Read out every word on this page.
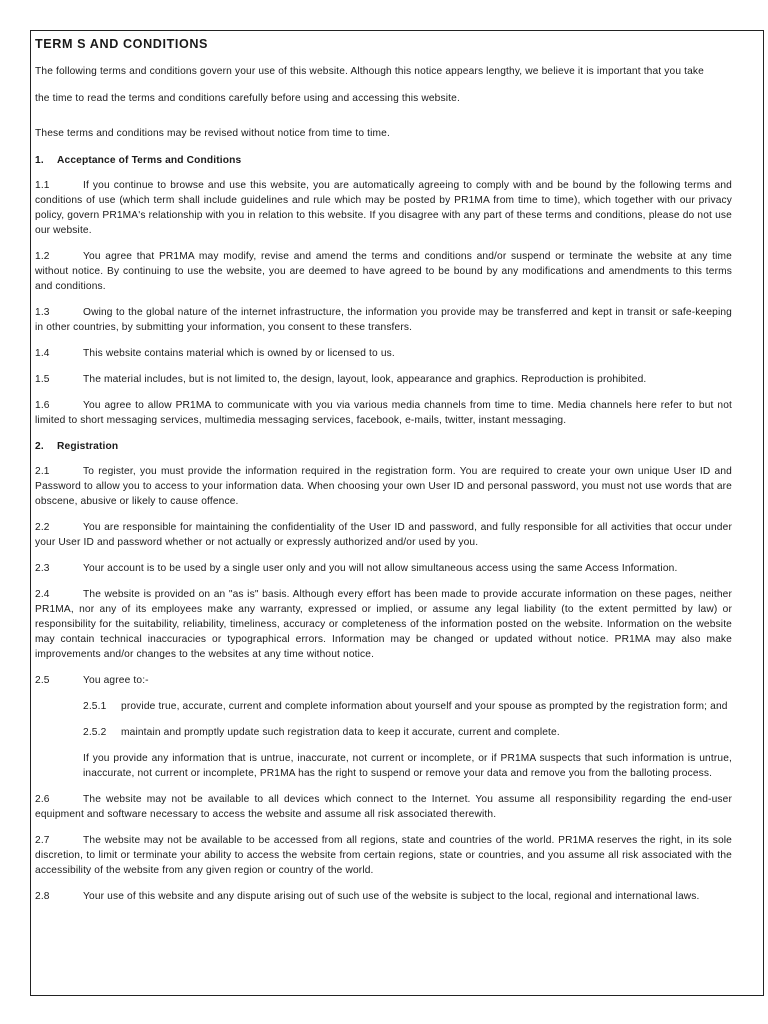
TERM S AND CONDITIONS
The following terms and conditions govern your use of this website. Although this notice appears lengthy, we believe it is important that you take
the time to read the terms and conditions carefully before using and accessing this website.
These terms and conditions may be revised without notice from time to time.
1. Acceptance of Terms and Conditions
1.1	If you continue to browse and use this website, you are automatically agreeing to comply with and be bound by the following terms and conditions of use (which term shall include guidelines and rule which may be posted by PR1MA from time to time), which together with our privacy policy, govern PR1MA's relationship with you in relation to this website. If you disagree with any part of these terms and conditions, please do not use our website.
1.2	You agree that PR1MA may modify, revise and amend the terms and conditions and/or suspend or terminate the website at any time without notice. By continuing to use the website, you are deemed to have agreed to be bound by any modifications and amendments to this terms and conditions.
1.3	Owing to the global nature of the internet infrastructure, the information you provide may be transferred and kept in transit or safe-keeping in other countries, by submitting your information, you consent to these transfers.
1.4	This website contains material which is owned by or licensed to us.
1.5	The material includes, but is not limited to, the design, layout, look, appearance and graphics. Reproduction is prohibited.
1.6	You agree to allow PR1MA to communicate with you via various media channels from time to time. Media channels here refer to but not limited to short messaging services, multimedia messaging services, facebook, e-mails, twitter, instant messaging.
2. Registration
2.1	To register, you must provide the information required in the registration form. You are required to create your own unique User ID and Password to allow you to access to your information data. When choosing your own User ID and personal password, you must not use words that are obscene, abusive or likely to cause offence.
2.2	You are responsible for maintaining the confidentiality of the User ID and password, and fully responsible for all activities that occur under your User ID and password whether or not actually or expressly authorized and/or used by you.
2.3	Your account is to be used by a single user only and you will not allow simultaneous access using the same Access Information.
2.4	The website is provided on an "as is" basis. Although every effort has been made to provide accurate information on these pages, neither PR1MA, nor any of its employees make any warranty, expressed or implied, or assume any legal liability (to the extent permitted by law) or responsibility for the suitability, reliability, timeliness, accuracy or completeness of the information posted on the website. Information on the website may contain technical inaccuracies or typographical errors. Information may be changed or updated without notice. PR1MA may also make improvements and/or changes to the websites at any time without notice.
2.5	You agree to:-
2.5.1 provide true, accurate, current and complete information about yourself and your spouse as prompted by the registration form; and
2.5.2 maintain and promptly update such registration data to keep it accurate, current and complete.
If you provide any information that is untrue, inaccurate, not current or incomplete, or if PR1MA suspects that such information is untrue, inaccurate, not current or incomplete, PR1MA has the right to suspend or remove your data and remove you from the balloting process.
2.6	The website may not be available to all devices which connect to the Internet. You assume all responsibility regarding the end-user equipment and software necessary to access the website and assume all risk associated therewith.
2.7	The website may not be available to be accessed from all regions, state and countries of the world. PR1MA reserves the right, in its sole discretion, to limit or terminate your ability to access the website from certain regions, state or countries, and you assume all risk associated with the accessibility of the website from any given region or country of the world.
2.8	Your use of this website and any dispute arising out of such use of the website is subject to the local, regional and international laws.
